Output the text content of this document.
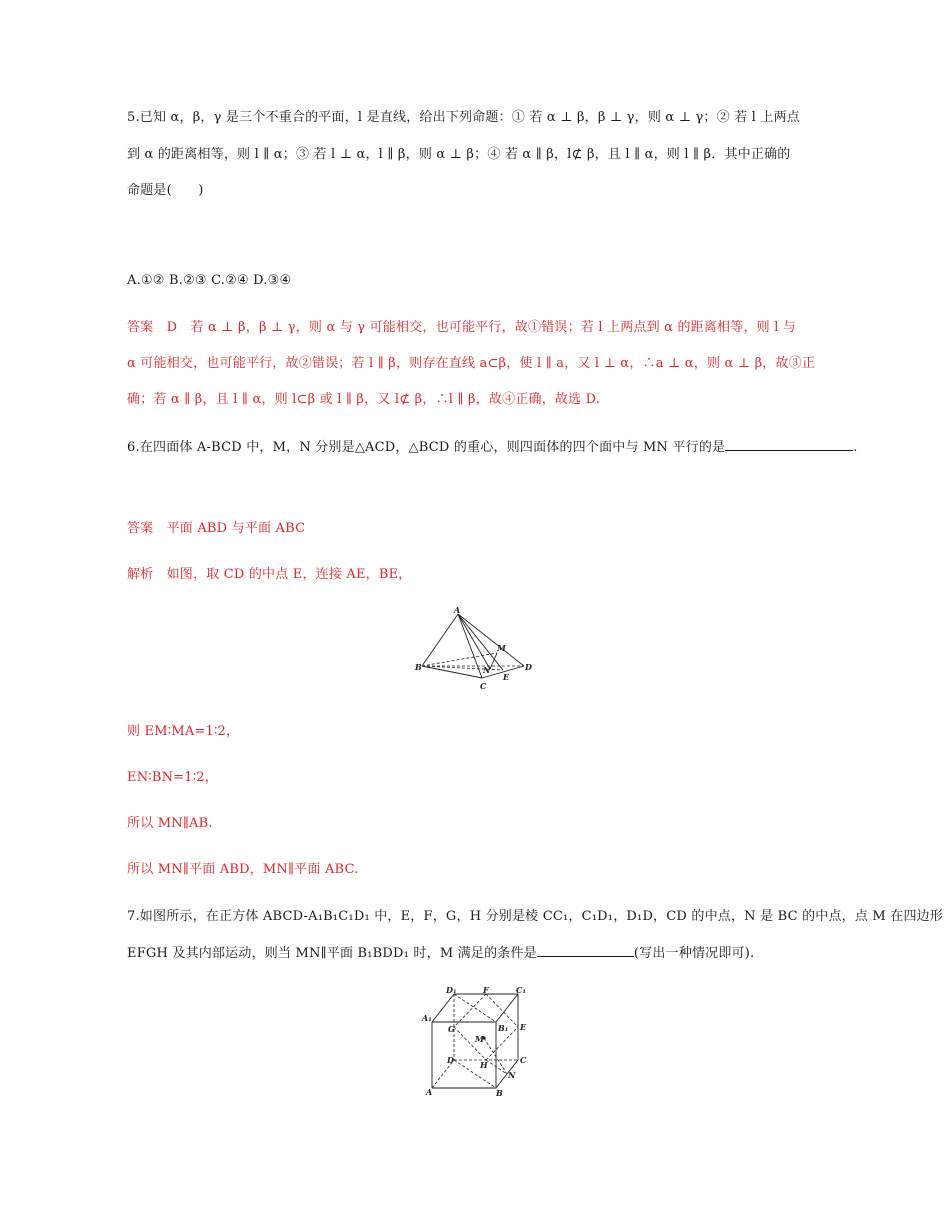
5.已知 α，β，γ 是三个不重合的平面，l 是直线，给出下列命题：① 若 α ⊥ β，β ⊥ γ，则 α ⊥ γ；② 若 l 上两点
到 α 的距离相等，则 l ∥ α；③ 若 l ⊥ α，l ∥ β，则 α ⊥ β；④ 若 α ∥ β，l⊄ β，且 l ∥ α，则 l ∥ β．其中正确的
命题是(　　)
A.①② B.②③ C.②④ D.③④
答案　D　若 α ⊥ β，β ⊥ γ，则 α 与 γ 可能相交，也可能平行，故①错误；若 l 上两点到 α 的距离相等，则 l 与
α 可能相交，也可能平行，故②错误；若 l ∥ β，则存在直线 a⊂β，使 l ∥ a，又 l ⊥ α，∴a ⊥ α，则 α ⊥ β，故③正
确；若 α ∥ β，且 l ∥ α，则 l⊂β 或 l ∥ β，又 l⊄ β，∴l ∥ β，故④正确，故选 D.
6.在四面体 A-BCD 中，M，N 分别是△ACD，△BCD 的重心，则四面体的四个面中与 MN 平行的是	.
答案　平面 ABD 与平面 ABC
解析　如图，取 CD 的中点 E，连接 AE，BE，
A
B
C
D
E
M
N
则 EM∶MA=1∶2，
EN∶BN=1∶2，
所以 MN∥AB.
所以 MN∥平面 ABD，MN∥平面 ABC.
7.如图所示，在正方体 ABCD-A₁B₁C₁D₁ 中，E，F，G，H 分别是棱 CC₁，C₁D₁，D₁D，CD 的中点，N 是 BC 的中点，点 M 在四边形
EFGH 及其内部运动，则当 MN∥平面 B₁BDD₁ 时，M 满足的条件是	(写出一种情况即可).
D₁	F	C₁
A₁
G	B₁ E
M
D	C
H
N
A	B
